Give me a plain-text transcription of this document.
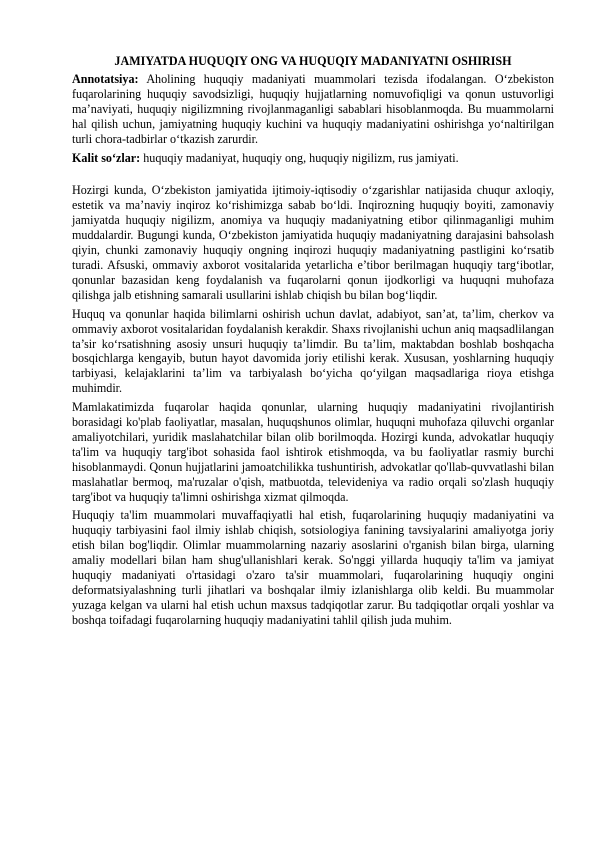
JAMIYATDA HUQUQIY ONG VA HUQUQIY MADANIYATNI OSHIRISH
Annotatsiya: Aholining huquqiy madaniyati muammolari tezisda ifodalangan. O‘zbekiston fuqarolarining huquqiy savodsizligi, huquqiy hujjatlarning nomuvofiqligi va qonun ustuvorligi ma’naviyati, huquqiy nigilizmning rivojlanmaganligi sabablari hisoblanmoqda. Bu muammolarni hal qilish uchun, jamiyatning huquqiy kuchini va huquqiy madaniyatini oshirishga yo‘naltirilgan turli chora-tadbirlar o‘tkazish zarurdir.
Kalit so‘zlar: huquqiy madaniyat, huquqiy ong, huquqiy nigilizm, rus jamiyati.

Hozirgi kunda, O‘zbekiston jamiyatida ijtimoiy-iqtisodiy o‘zgarishlar natijasida chuqur axloqiy, estetik va ma’naviy inqiroz ko‘rishimizga sabab bo‘ldi. Inqirozning huquqiy boyiti, zamonaviy jamiyatda huquqiy nigilizm, anomiya va huquqiy madaniyatning etibor qilinmaganligi muhim muddalardir. Bugungi kunda, O‘zbekiston jamiyatida huquqiy madaniyatning darajasini bahsolash qiyin, chunki zamonaviy huquqiy ongning inqirozi huquqiy madaniyatning pastligini ko‘rsatib turadi. Afsuski, ommaviy axborot vositalarida yetarlicha e’tibor berilmagan huquqiy targ‘ibotlar, qonunlar bazasidan keng foydalanish va fuqarolarni qonun ijodkorligi va huquqni muhofaza qilishga jalb etishning samarali usullarini ishlab chiqish bu bilan bog‘liqdir.

Huquq va qonunlar haqida bilimlarni oshirish uchun davlat, adabiyot, san’at, ta’lim, cherkov va ommaviy axborot vositalaridan foydalanish kerakdir. Shaxs rivojlanishi uchun aniq maqsadlilangan ta’sir ko‘rsatishning asosiy unsuri huquqiy ta’limdir. Bu ta’lim, maktabdan boshlab boshqacha bosqichlarga kengayib, butun hayot davomida joriy etilishi kerak. Xususan, yoshlarning huquqiy tarbiyasi, kelajaklarini ta’lim va tarbiyalash bo‘yicha qo‘yilgan maqsadlariga rioya etishga muhimdir.

Mamlakatimizda fuqarolar haqida qonunlar, ularning huquqiy madaniyatini rivojlantirish borasidagi ko'plab faoliyatlar, masalan, huquqshunos olimlar, huquqni muhofaza qiluvchi organlar amaliyotchilari, yuridik maslahatchilar bilan olib borilmoqda. Hozirgi kunda, advokatlar huquqiy ta'lim va huquqiy targ'ibot sohasida faol ishtirok etishmoqda, va bu faoliyatlar rasmiy burchi hisoblanmaydi. Qonun hujjatlarini jamoatchilikka tushuntirish, advokatlar qo'llab-quvvatlashi bilan maslahatlar bermoq, ma'ruzalar o'qish, matbuotda, televideniya va radio orqali so'zlash huquqiy targ'ibot va huquqiy ta'limni oshirishga xizmat qilmoqda.

Huquqiy ta'lim muammolari muvaffaqiyatli hal etish, fuqarolarining huquqiy madaniyatini va huquqiy tarbiyasini faol ilmiy ishlab chiqish, sotsiologiya fanining tavsiyalarini amaliyotga joriy etish bilan bog'liqdir. Olimlar muammolarning nazariy asoslarini o'rganish bilan birga, ularning amaliy modellari bilan ham shug'ullanishlari kerak. So'nggi yillarda huquqiy ta'lim va jamiyat huquqiy madaniyati o'rtasidagi o'zaro ta'sir muammolari, fuqarolarining huquqiy ongini deformatsiyalashning turli jihatlari va boshqalar ilmiy izlanishlarga olib keldi. Bu muammolar yuzaga kelgan va ularni hal etish uchun maxsus tadqiqotlar zarur. Bu tadqiqotlar orqali yoshlar va boshqa toifadagi fuqarolarning huquqiy madaniyatini tahlil qilish juda muhim.
